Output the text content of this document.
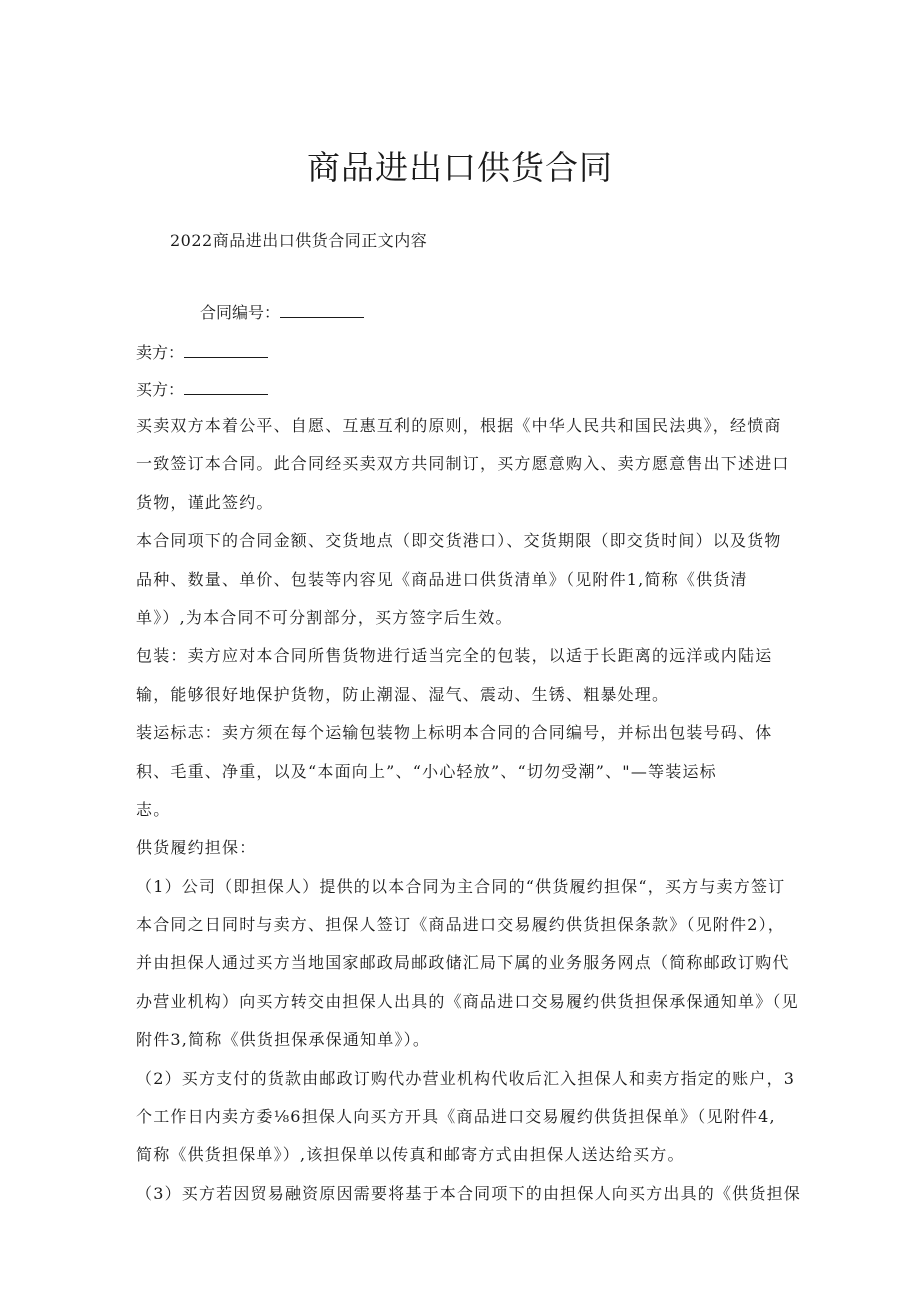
商品进出口供货合同
2022商品进出口供货合同正文内容
合同编号：
卖方：
买方：
买卖双方本着公平、自愿、互惠互利的原则，根据《中华人民共和国民法典》，经愤商
一致签订本合同。此合同经买卖双方共同制订，买方愿意购入、卖方愿意售出下述进口
货物，谨此签约。
本合同项下的合同金额、交货地点（即交货港口）、交货期限（即交货时间）以及货物
品种、数量、单价、包装等内容见《商品进口供货清单》（见附件1,简称《供货清
单》）,为本合同不可分割部分，买方签字后生效。
包装：卖方应对本合同所售货物进行适当完全的包装，以适于长距离的远洋或内陆运
输，能够很好地保护货物，防止潮湿、湿气、震动、生锈、粗暴处理。
装运标志：卖方须在每个运输包装物上标明本合同的合同编号，并标出包装号码、体
积、毛重、净重，以及“本面向上”、“小心轻放”、“切勿受潮”、"—等装运标
志。
供货履约担保：
（1）公司（即担保人）提供的以本合同为主合同的“供货履约担保“，买方与卖方签订
本合同之日同时与卖方、担保人签订《商品进口交易履约供货担保条款》（见附件2），
并由担保人通过买方当地国家邮政局邮政储汇局下属的业务服务网点（简称邮政订购代
办营业机构）向买方转交由担保人出具的《商品进口交易履约供货担保承保通知单》（见
附件3,简称《供货担保承保通知单》）。
（2）买方支付的货款由邮政订购代办营业机构代收后汇入担保人和卖方指定的账户，3
个工作日内卖方委⅛6担保人向买方开具《商品进口交易履约供货担保单》（见附件4,
简称《供货担保单》）,该担保单以传真和邮寄方式由担保人送达给买方。
（3）买方若因贸易融资原因需要将基于本合同项下的由担保人向买方出具的《供货担保
